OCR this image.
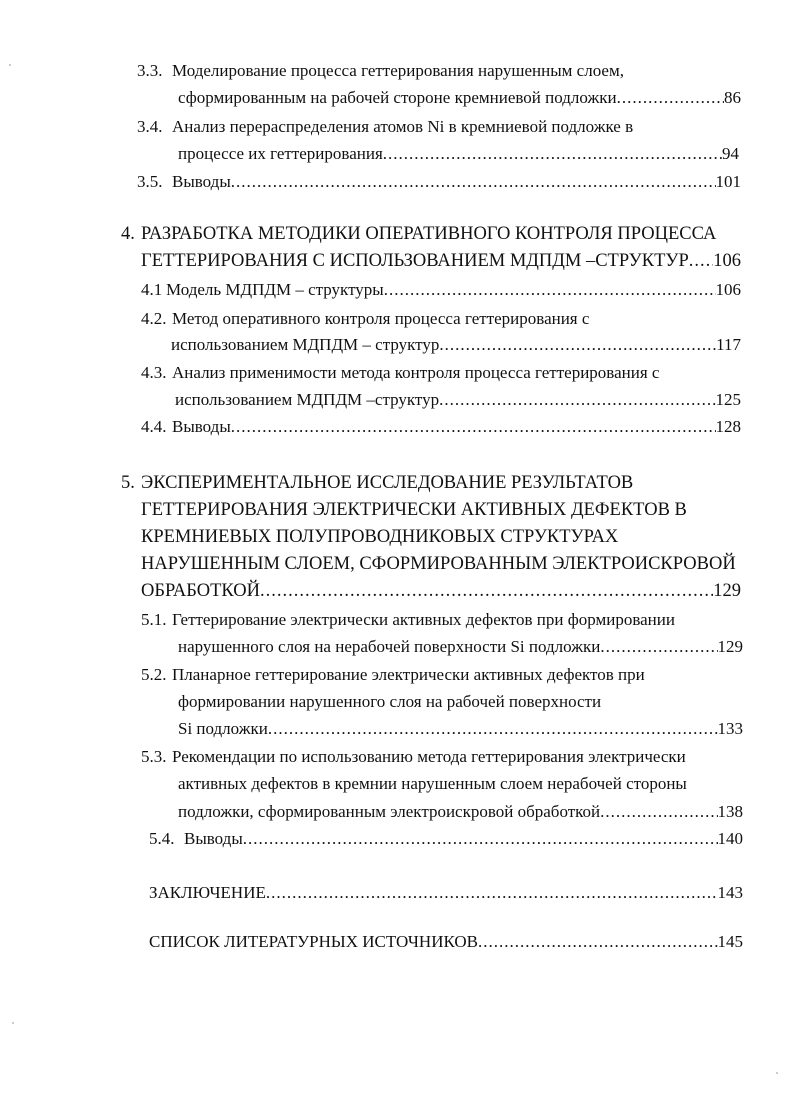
3.3. Моделирование процесса геттерирования нарушенным слоем,
сформированным на рабочей стороне кремниевой подложки .....	86
3.4. Анализ перераспределения атомов Ni в кремниевой подложке в
процессе их геттерирования .....	94
3.5. Выводы .....	101
4. РАЗРАБОТКА МЕТОДИКИ ОПЕРАТИВНОГО КОНТРОЛЯ ПРОЦЕССА
ГЕТТЕРИРОВАНИЯ С ИСПОЛЬЗОВАНИЕМ МДПДМ –СТРУКТУР ..... 106
4.1 Модель МДПДМ – структуры .....	106
4.2. Метод оперативного контроля процесса геттерирования с
использованием МДПДМ – структур .....	117
4.3. Анализ применимости метода контроля процесса геттерирования с
использованием МДПДМ –структур .....	125
4.4. Выводы .....	128
5. ЭКСПЕРИМЕНТАЛЬНОЕ ИССЛЕДОВАНИЕ РЕЗУЛЬТАТОВ
ГЕТТЕРИРОВАНИЯ ЭЛЕКТРИЧЕСКИ АКТИВНЫХ ДЕФЕКТОВ В
КРЕМНИЕВЫХ ПОЛУПРОВОДНИКОВЫХ СТРУКТУРАХ
НАРУШЕННЫМ СЛОЕМ, СФОРМИРОВАННЫМ ЭЛЕКТРОИСКРОВОЙ
ОБРАБОТКОЙ .....	129
5.1. Геттерирование электрически активных дефектов при формировании
нарушенного слоя на нерабочей поверхности Si подложки .....	129
5.2. Планарное геттерирование электрически активных дефектов при
формировании нарушенного слоя на рабочей поверхности
Si подложки .....	133
5.3. Рекомендации по использованию метода геттерирования электрически
активных дефектов в кремнии нарушенным слоем нерабочей стороны
подложки, сформированным электроискровой обработкой .....	138
5.4. Выводы .....	140
ЗАКЛЮЧЕНИЕ .....	143
СПИСОК ЛИТЕРАТУРНЫХ ИСТОЧНИКОВ .....	145
